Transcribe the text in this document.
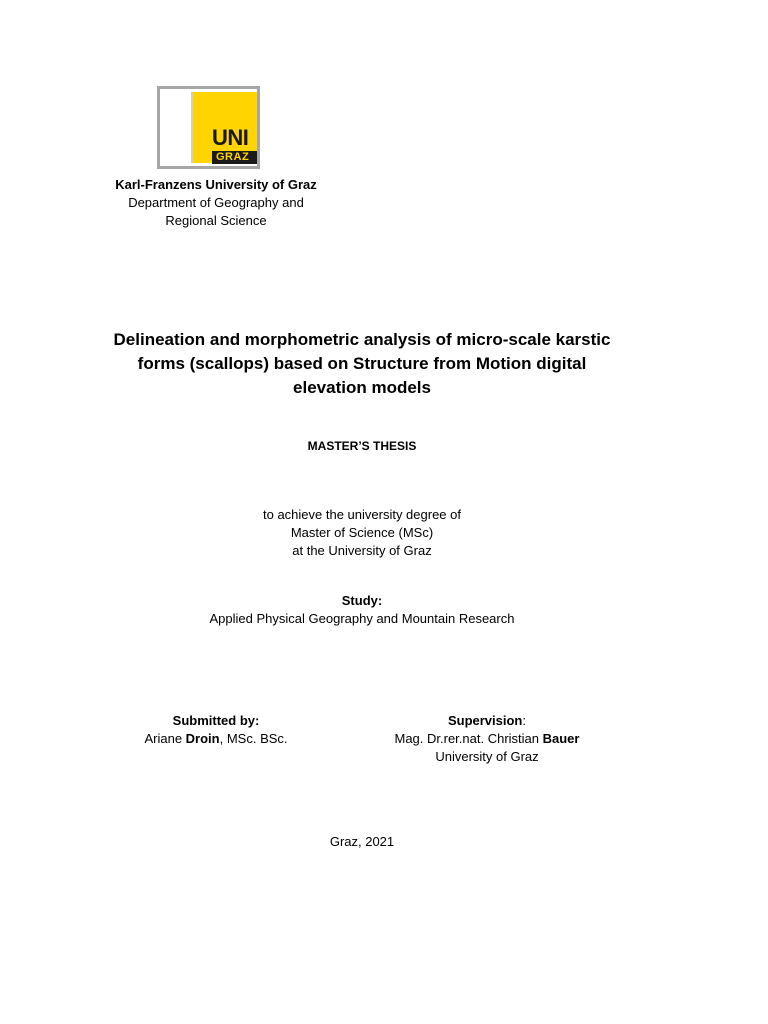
UNI
GRAZ
Karl-Franzens University of Graz
Department of Geography and
Regional Science
Delineation and morphometric analysis of micro-scale karstic
forms (scallops) based on Structure from Motion digital
elevation models
MASTER’S THESIS
to achieve the university degree of
Master of Science (MSc)
at the University of Graz
Study:
Applied Physical Geography and Mountain Research
Submitted by:
Ariane Droin, MSc. BSc.
Supervision:
Mag. Dr.rer.nat. Christian Bauer
University of Graz
Graz, 2021
